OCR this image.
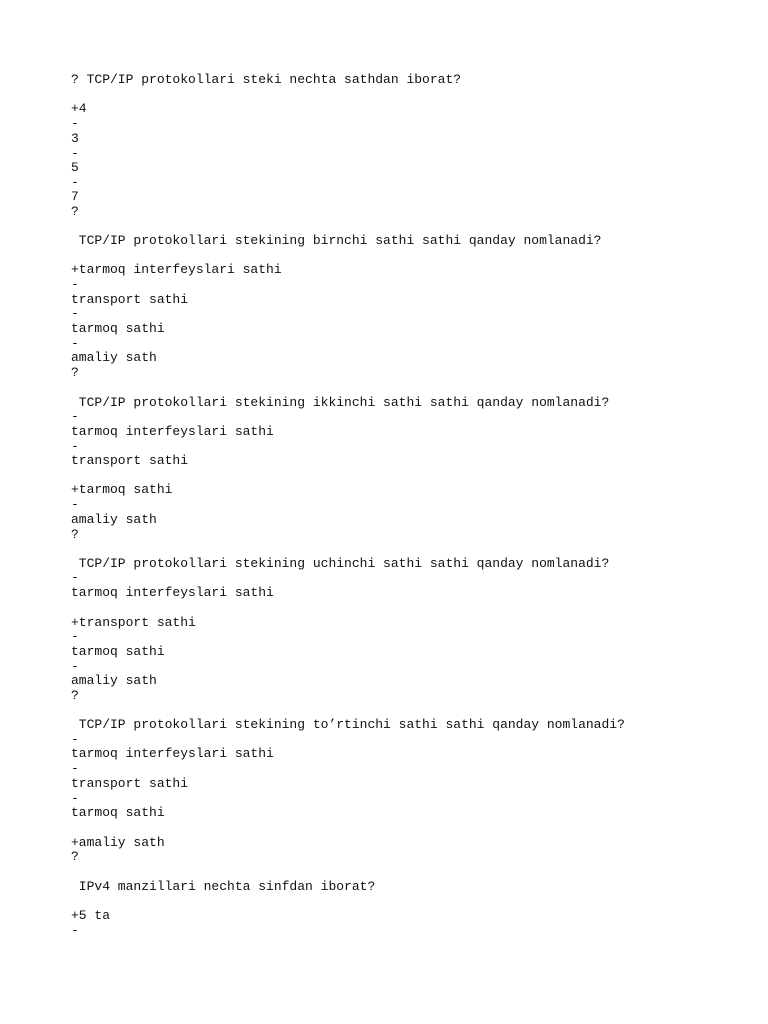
? TCP/IP protokollari steki nechta sathdan iborat?
+4
-
3
-
5
-
7
?
TCP/IP protokollari stekining birnchi sathi sathi qanday nomlanadi?
+tarmoq interfeyslari sathi
-
transport sathi
-
tarmoq sathi
-
amaliy sath
?
TCP/IP protokollari stekining ikkinchi sathi sathi qanday nomlanadi?
-
tarmoq interfeyslari sathi
-
transport sathi
+tarmoq sathi
-
amaliy sath
?
TCP/IP protokollari stekining uchinchi sathi sathi qanday nomlanadi?
-
tarmoq interfeyslari sathi
+transport sathi
-
tarmoq sathi
-
amaliy sath
?
TCP/IP protokollari stekining to’rtinchi sathi sathi qanday nomlanadi?
-
tarmoq interfeyslari sathi
-
transport sathi
-
tarmoq sathi
+amaliy sath
?
IPv4 manzillari nechta sinfdan iborat?
+5 ta
-
